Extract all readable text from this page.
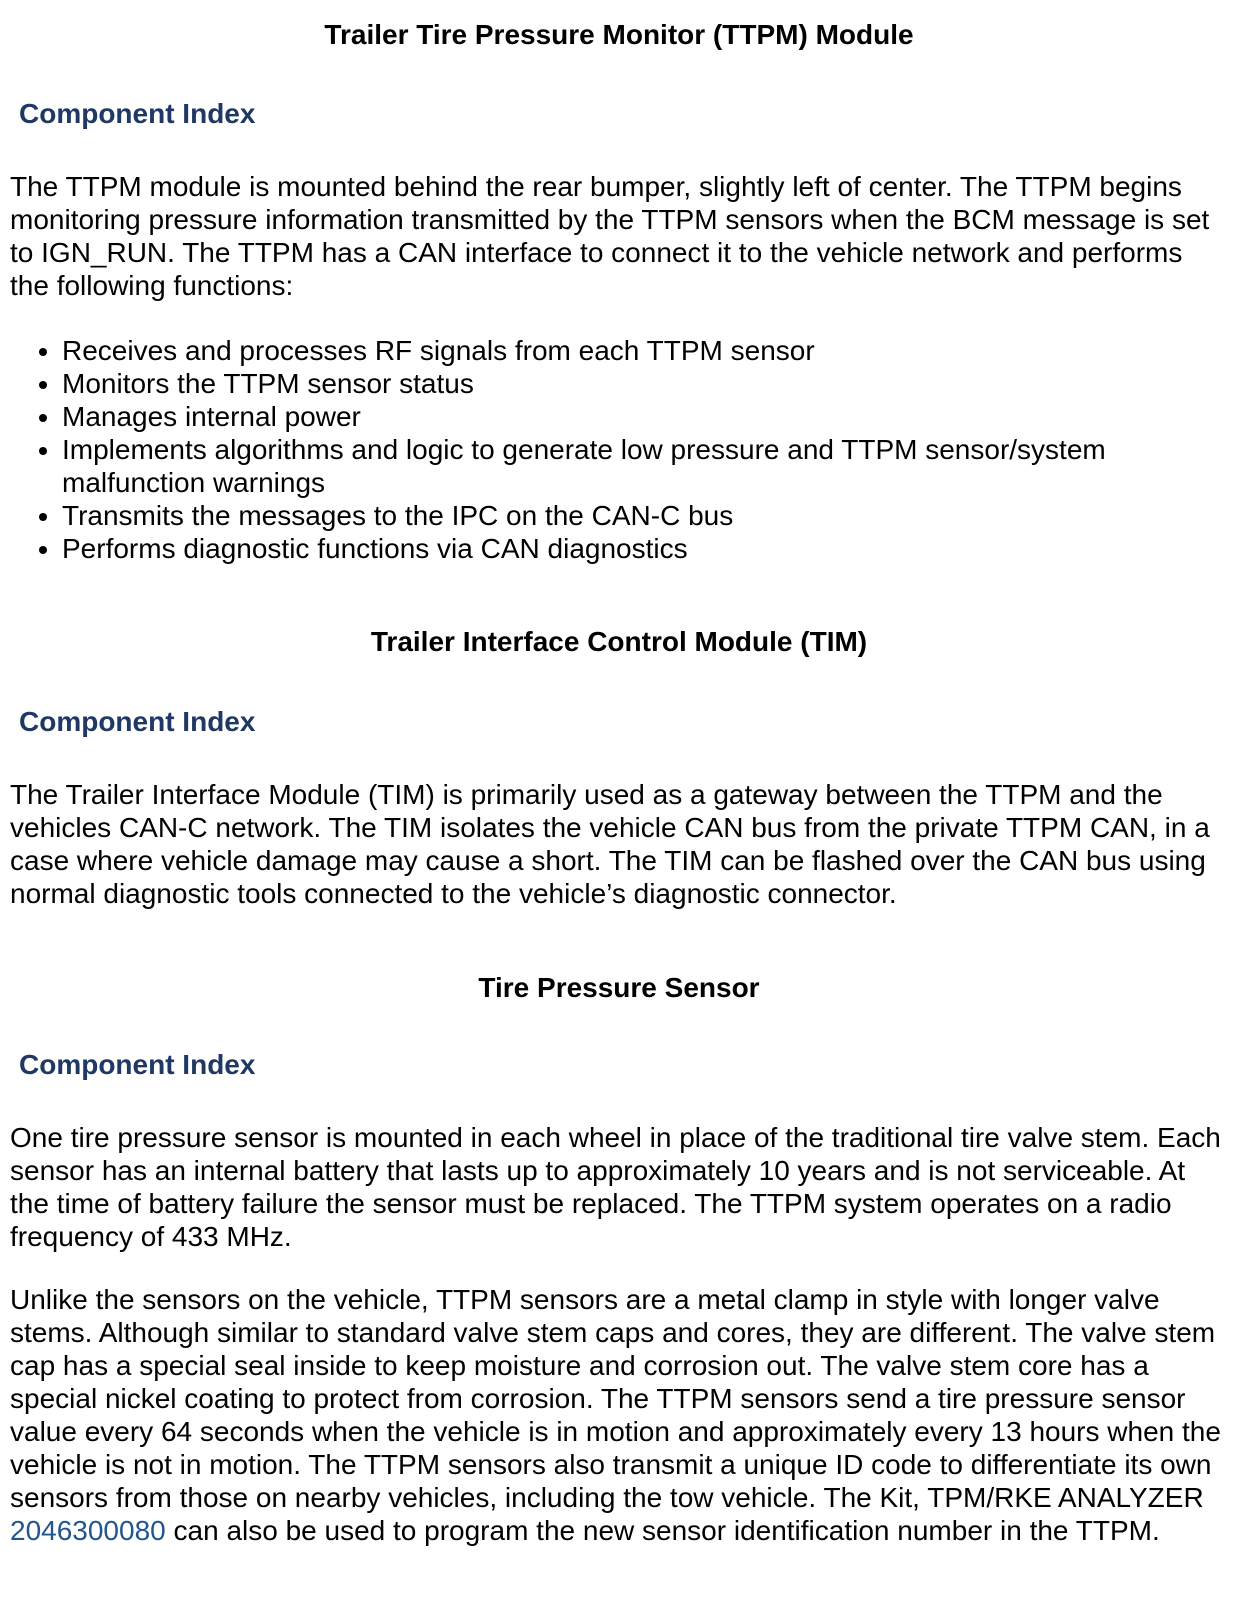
Trailer Tire Pressure Monitor (TTPM) Module
Component Index

The TTPM module is mounted behind the rear bumper, slightly left of center. The TTPM begins monitoring pressure information transmitted by the TTPM sensors when the BCM message is set to IGN_RUN. The TTPM has a CAN interface to connect it to the vehicle network and performs the following functions:

• Receives and processes RF signals from each TTPM sensor
• Monitors the TTPM sensor status
• Manages internal power
• Implements algorithms and logic to generate low pressure and TTPM sensor/system malfunction warnings
• Transmits the messages to the IPC on the CAN-C bus
• Performs diagnostic functions via CAN diagnostics
Trailer Interface Control Module (TIM)
Component Index

The Trailer Interface Module (TIM) is primarily used as a gateway between the TTPM and the vehicles CAN-C network. The TIM isolates the vehicle CAN bus from the private TTPM CAN, in a case where vehicle damage may cause a short. The TIM can be flashed over the CAN bus using normal diagnostic tools connected to the vehicle’s diagnostic connector.

Tire Pressure Sensor
Component Index

One tire pressure sensor is mounted in each wheel in place of the traditional tire valve stem. Each sensor has an internal battery that lasts up to approximately 10 years and is not serviceable. At the time of battery failure the sensor must be replaced. The TTPM system operates on a radio frequency of 433 MHz.

Unlike the sensors on the vehicle, TTPM sensors are a metal clamp in style with longer valve stems. Although similar to standard valve stem caps and cores, they are different. The valve stem cap has a special seal inside to keep moisture and corrosion out. The valve stem core has a special nickel coating to protect from corrosion. The TTPM sensors send a tire pressure sensor value every 64 seconds when the vehicle is in motion and approximately every 13 hours when the vehicle is not in motion. The TTPM sensors also transmit a unique ID code to differentiate its own sensors from those on nearby vehicles, including the tow vehicle. The Kit, TPM/RKE ANALYZER 2046300080 can also be used to program the new sensor identification number in the TTPM.
